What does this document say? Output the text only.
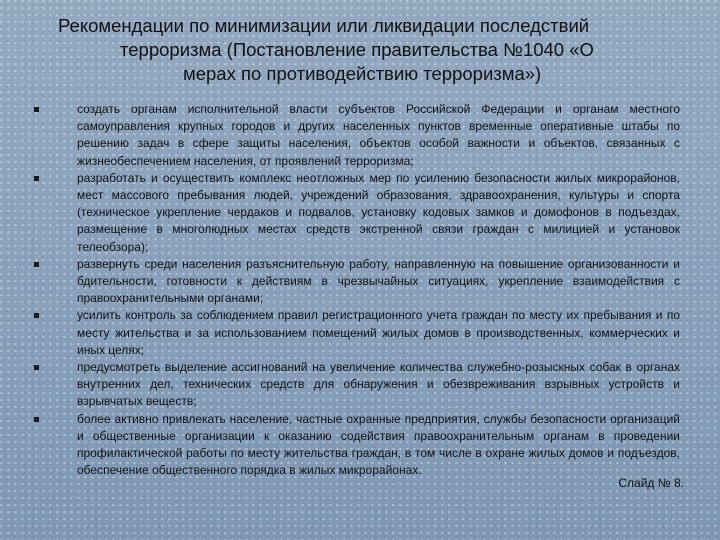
Рекомендации по минимизации или ликвидации последствий
терроризма (Постановление правительства №1040 «О
мерах по противодействию терроризма»)
создать органам исполнительной власти субъектов Российской Федерации и органам местного самоуправления крупных городов и других населенных пунктов временные оперативные штабы по решению задач в сфере защиты населения, объектов особой важности и объектов, связанных с жизнеобеспечением населения, от проявлений терроризма;
разработать и осуществить комплекс неотложных мер по усилению безопасности жилых микрорайонов, мест массового пребывания людей, учреждений образования, здравоохранения, культуры и спорта (техническое укрепление чердаков и подвалов, установку кодовых замков и домофонов в подъездах, размещение в многолюдных местах средств экстренной связи граждан с милицией и установок телеобзора);
развернуть среди населения разъяснительную работу, направленную на повышение организованности и бдительности, готовности к действиям в чрезвычайных ситуациях, укрепление взаимодействия с правоохранительными органами;
усилить контроль за соблюдением правил регистрационного учета граждан по месту их пребывания и по месту жительства и за использованием помещений жилых домов в производственных, коммерческих и иных целях;
предусмотреть выделение ассигнований на увеличение количества служебно-розыскных собак в органах внутренних дел, технических средств для обнаружения и обезвреживания взрывных устройств и взрывчатых веществ;
более активно привлекать население, частные охранные предприятия, службы безопасности организаций и общественные организации к оказанию содействия правоохранительным органам в проведении профилактической работы по месту жительства граждан, в том числе в охране жилых домов и подъездов, обеспечение общественного порядка в жилых микрорайонах.
Слайд № 8.
